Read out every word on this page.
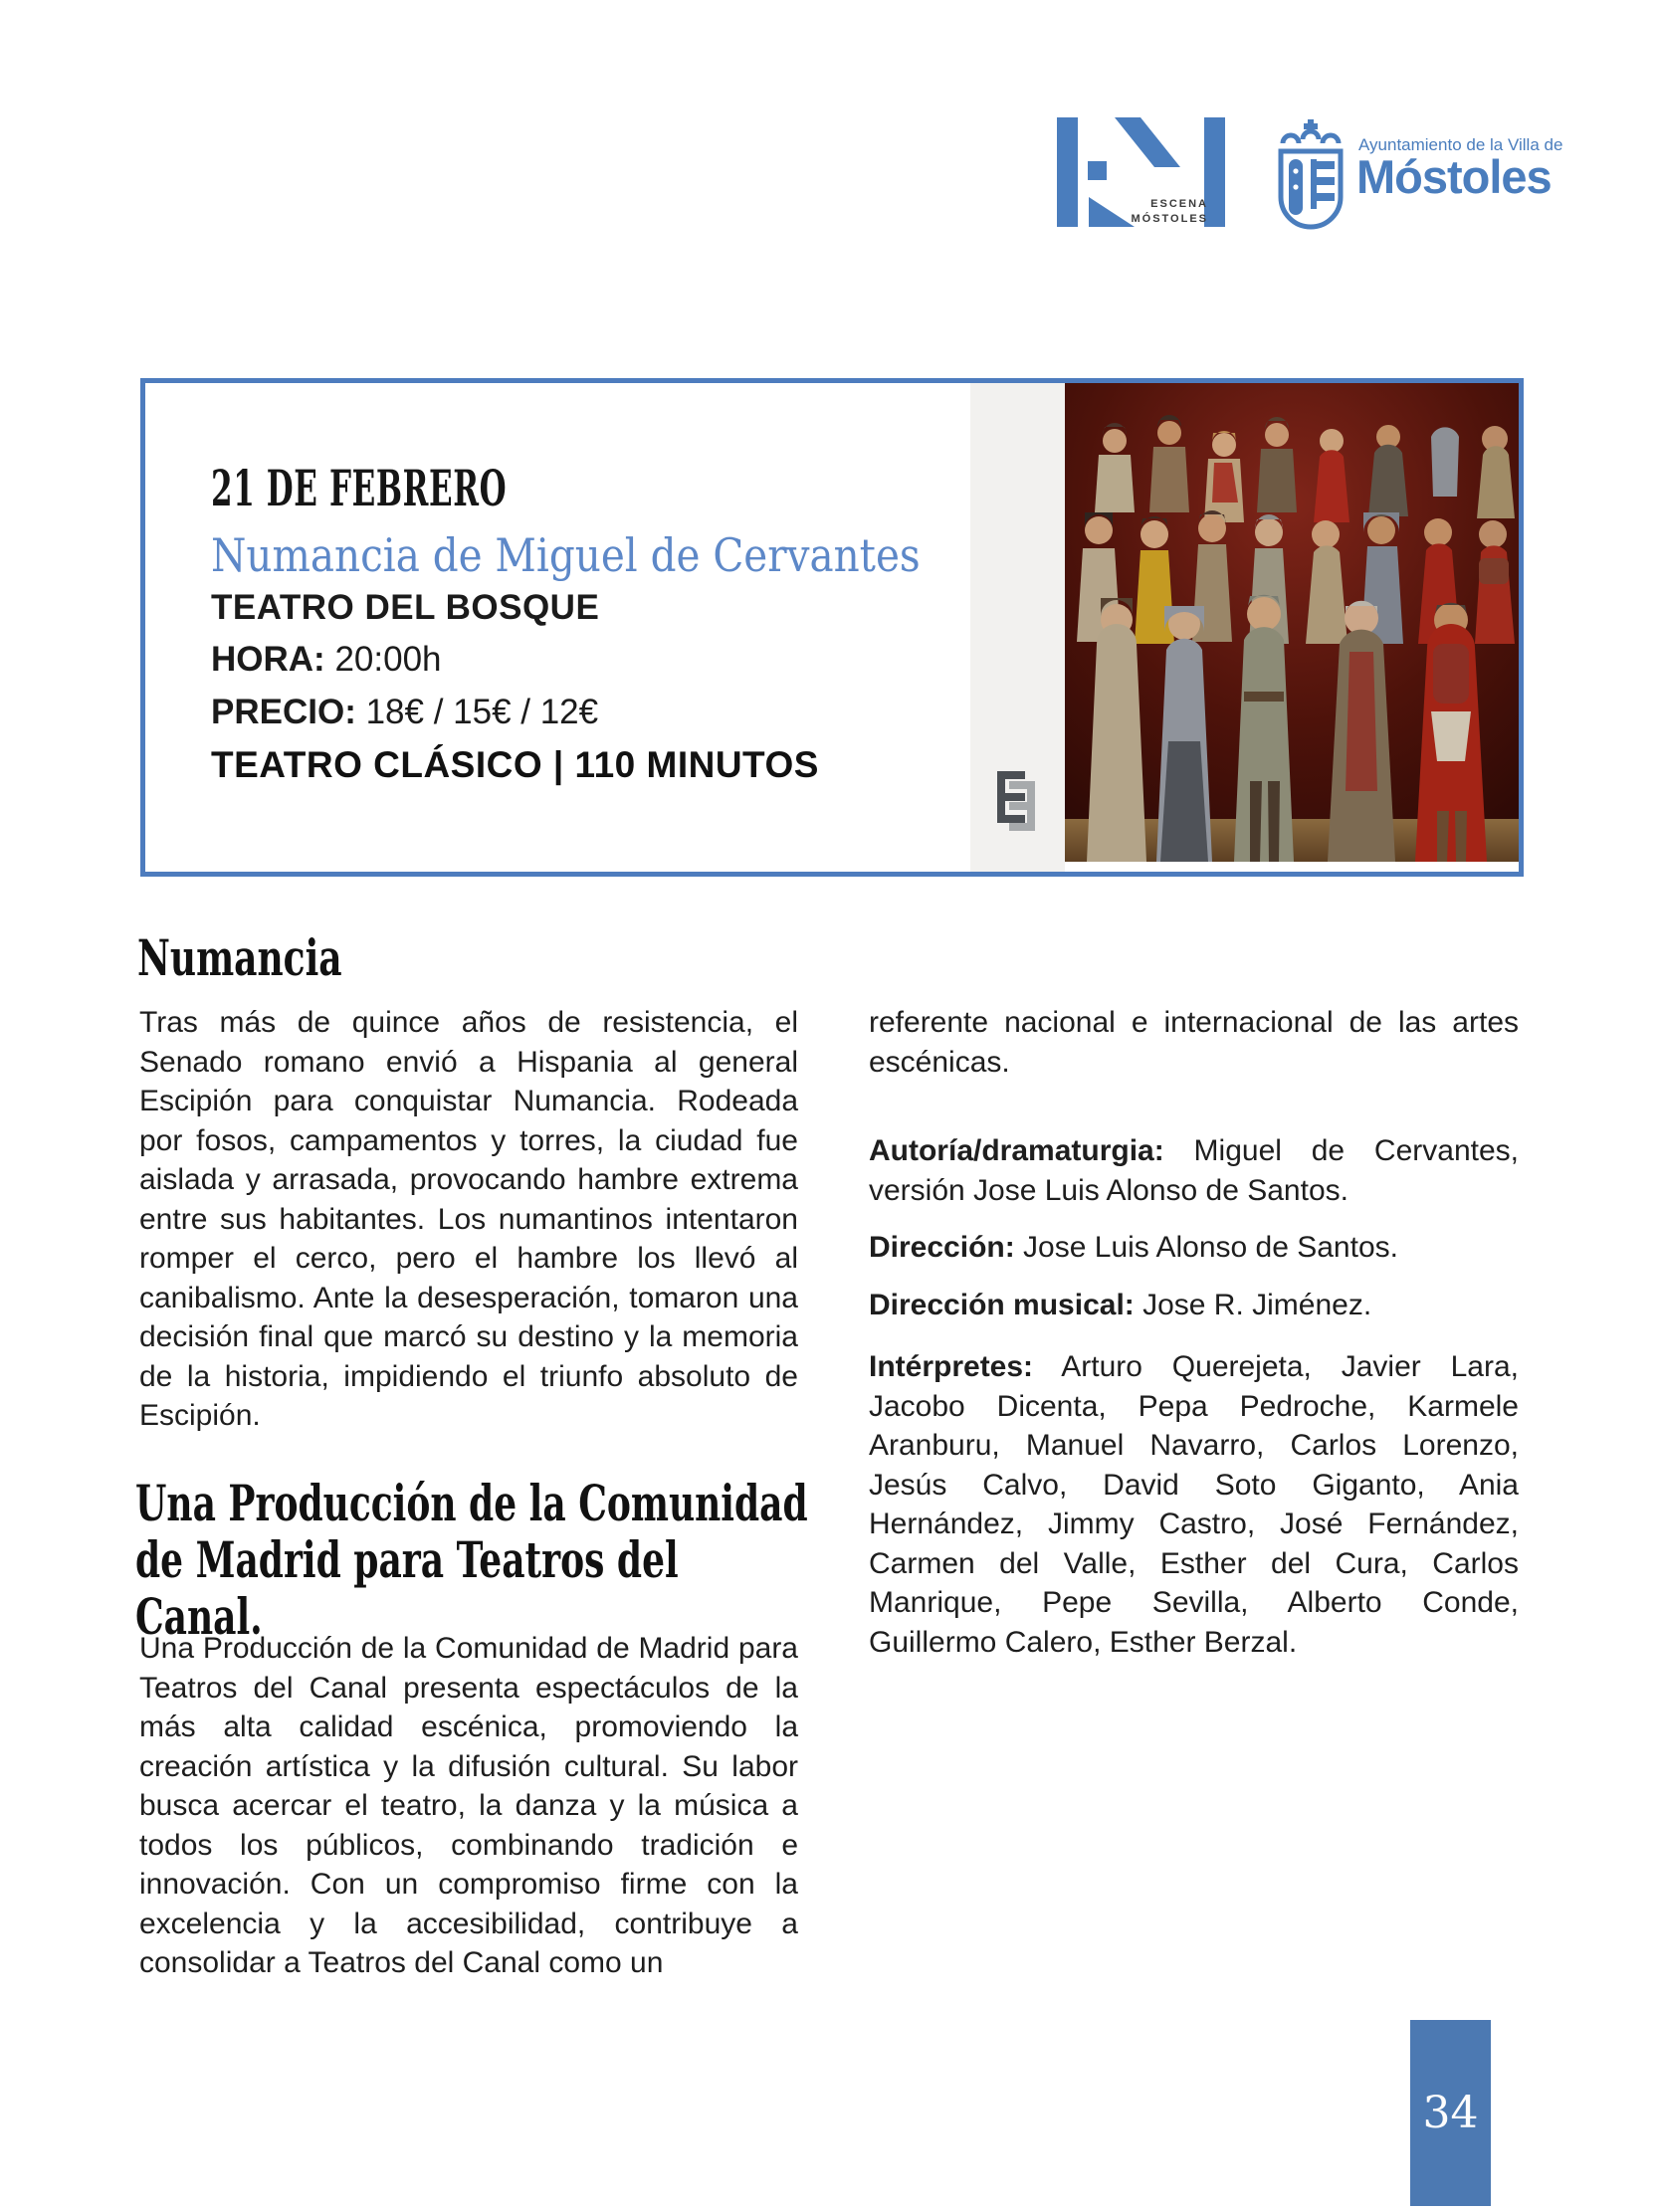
ESCENA
MÓSTOLES
Ayuntamiento de la Villa de
Móstoles
21 DE FEBRERO
Numancia de Miguel de Cervantes
TEATRO DEL BOSQUE
HORA: 20:00h
PRECIO: 18€ / 15€ / 12€
TEATRO CLÁSICO | 110 MINUTOS
Numancia

Tras más de quince años de resistencia, el Senado romano envió a Hispania al general Escipión para conquistar Numancia. Rodeada por fosos, campamentos y torres, la ciudad fue aislada y arrasada, provocando hambre extrema entre sus habitantes. Los numantinos intentaron romper el cerco, pero el hambre los llevó al canibalismo. Ante la desesperación, tomaron una decisión final que marcó su destino y la memoria de la historia, impidiendo el triunfo absoluto de Escipión.

Una Producción de la Comunidad de Madrid para Teatros del Canal.

Una Producción de la Comunidad de Madrid para Teatros del Canal presenta espectáculos de la más alta calidad escénica, promoviendo la creación artística y la difusión cultural. Su labor busca acercar el teatro, la danza y la música a todos los públicos, combinando tradición e innovación. Con un compromiso firme con la excelencia y la accesibilidad, contribuye a consolidar a Teatros del Canal como un

referente nacional e internacional de las artes escénicas.

Autoría/dramaturgia: Miguel de Cervantes, versión Jose Luis Alonso de Santos.

Dirección: Jose Luis Alonso de Santos.

Dirección musical: Jose R. Jiménez.

Intérpretes: Arturo Querejeta, Javier Lara, Jacobo Dicenta, Pepa Pedroche, Karmele Aranburu, Manuel Navarro, Carlos Lorenzo, Jesús Calvo, David Soto Giganto, Ania Hernández, Jimmy Castro, José Fernández, Carmen del Valle, Esther del Cura, Carlos Manrique, Pepe Sevilla, Alberto Conde, Guillermo Calero, Esther Berzal.

34
